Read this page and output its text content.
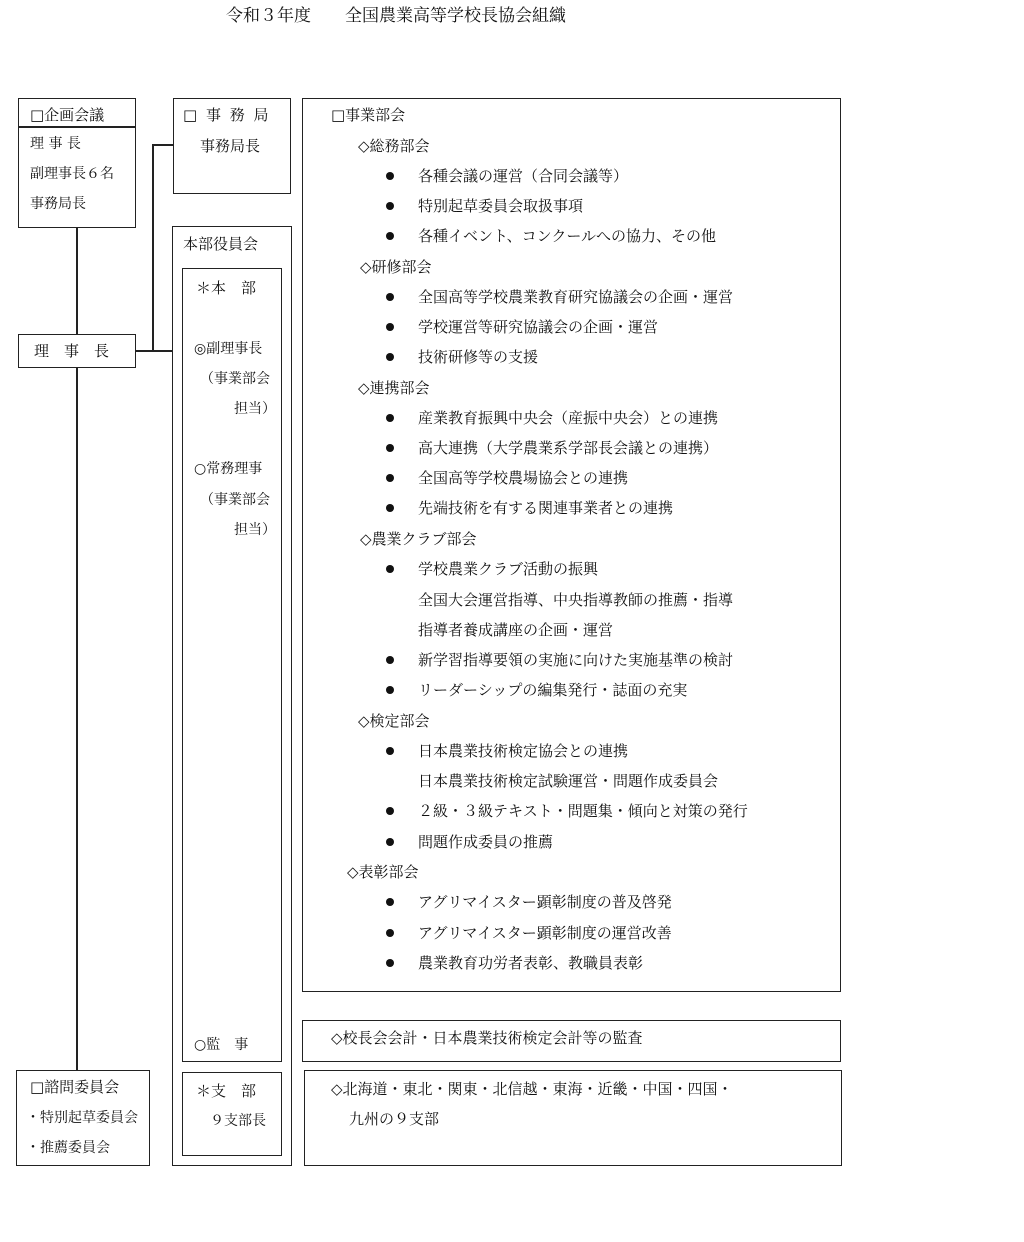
令和３年度　　全国農業高等学校長協会組織
□企画会議
理 事 長
副理事長６名
事務局長
理　事　長
□ 事 務 局
事務局長
本部役員会
＊本　部
◎副理事長
（事業部会
担当）
○常務理事
（事業部会
担当）
○監　事
＊支　部
９支部長
□諮問委員会
・特別起草委員会
・推薦委員会
□事業部会
◇総務部会
各種会議の運営（合同会議等）
特別起草委員会取扱事項
各種イベント、コンクールへの協力、その他
◇研修部会
全国高等学校農業教育研究協議会の企画・運営
学校運営等研究協議会の企画・運営
技術研修等の支援
◇連携部会
産業教育振興中央会（産振中央会）との連携
高大連携（大学農業系学部長会議との連携）
全国高等学校農場協会との連携
先端技術を有する関連事業者との連携
◇農業クラブ部会
学校農業クラブ活動の振興
全国大会運営指導、中央指導教師の推薦・指導
指導者養成講座の企画・運営
新学習指導要領の実施に向けた実施基準の検討
リーダーシップの編集発行・誌面の充実
◇検定部会
日本農業技術検定協会との連携
日本農業技術検定試験運営・問題作成委員会
２級・３級テキスト・問題集・傾向と対策の発行
問題作成委員の推薦
◇表彰部会
アグリマイスター顕彰制度の普及啓発
アグリマイスター顕彰制度の運営改善
農業教育功労者表彰、教職員表彰
◇校長会会計・日本農業技術検定会計等の監査
◇北海道・東北・関東・北信越・東海・近畿・中国・四国・
九州の９支部
